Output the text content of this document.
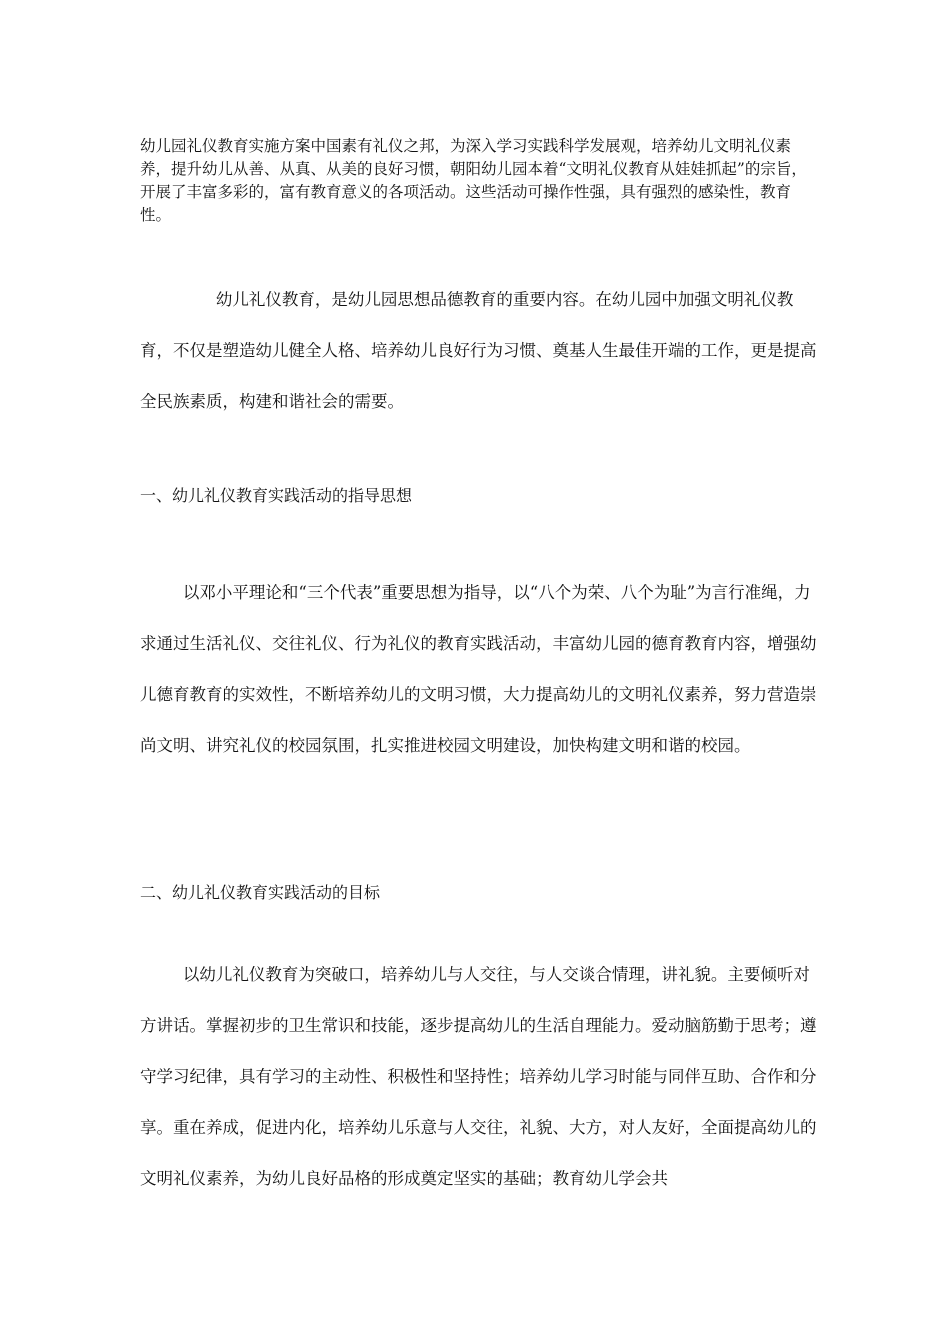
幼儿园礼仪教育实施方案中国素有礼仪之邦，为深入学习实践科学发展观，培养幼儿文明礼仪素养，提升幼儿从善、从真、从美的良好习惯，朝阳幼儿园本着“文明礼仪教育从娃娃抓起”的宗旨，开展了丰富多彩的，富有教育意义的各项活动。这些活动可操作性强，具有强烈的感染性，教育性。

幼儿礼仪教育，是幼儿园思想品德教育的重要内容。在幼儿园中加强文明礼仪教育，不仅是塑造幼儿健全人格、培养幼儿良好行为习惯、奠基人生最佳开端的工作，更是提高全民族素质，构建和谐社会的需要。

一、幼儿礼仪教育实践活动的指导思想

以邓小平理论和“三个代表”重要思想为指导，以“八个为荣、八个为耻”为言行准绳，力求通过生活礼仪、交往礼仪、行为礼仪的教育实践活动，丰富幼儿园的德育教育内容，增强幼儿德育教育的实效性，不断培养幼儿的文明习惯，大力提高幼儿的文明礼仪素养，努力营造崇尚文明、讲究礼仪的校园氛围，扎实推进校园文明建设，加快构建文明和谐的校园。

二、幼儿礼仪教育实践活动的目标

以幼儿礼仪教育为突破口，培养幼儿与人交往，与人交谈合情理，讲礼貌。主要倾听对方讲话。掌握初步的卫生常识和技能，逐步提高幼儿的生活自理能力。爱动脑筋勤于思考；遵守学习纪律，具有学习的主动性、积极性和坚持性；培养幼儿学习时能与同伴互助、合作和分享。重在养成，促进内化，培养幼儿乐意与人交往，礼貌、大方，对人友好，全面提高幼儿的文明礼仪素养，为幼儿良好品格的形成奠定坚实的基础；教育幼儿学会共
